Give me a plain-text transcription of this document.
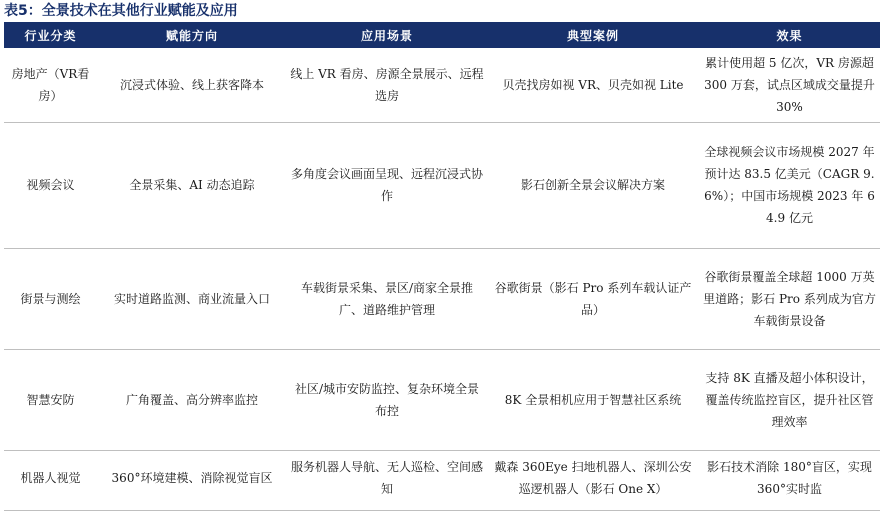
表5：全景技术在其他行业赋能及应用
行业分类	赋能方向	应用场景	典型案例	效果
房地产（VR看房）	沉浸式体验、线上获客降本	线上 VR 看房、房源全景展示、远程选房	贝壳找房如视 VR、贝壳如视 Lite	累计使用超 5 亿次，VR 房源超 300 万套，试点区域成交量提升 30%
视频会议	全景采集、AI 动态追踪	多角度会议画面呈现、远程沉浸式协作	影石创新全景会议解决方案	全球视频会议市场规模 2027 年预计达 83.5 亿美元（CAGR 9.6%）；中国市场规模 2023 年 64.9 亿元
街景与测绘	实时道路监测、商业流量入口	车载街景采集、景区/商家全景推广、道路维护管理	谷歌街景（影石 Pro 系列车载认证产品）	谷歌街景覆盖全球超 1000 万英里道路；影石 Pro 系列成为官方车载街景设备
智慧安防	广角覆盖、高分辨率监控	社区/城市安防监控、复杂环境全景布控	8K 全景相机应用于智慧社区系统	支持 8K 直播及超小体积设计，覆盖传统监控盲区，提升社区管理效率
机器人视觉	360°环境建模、消除视觉盲区	服务机器人导航、无人巡检、空间感知	戴森 360Eye 扫地机器人、深圳公安巡逻机器人（影石 One X）	影石技术消除 180°盲区，实现 360°实时监
